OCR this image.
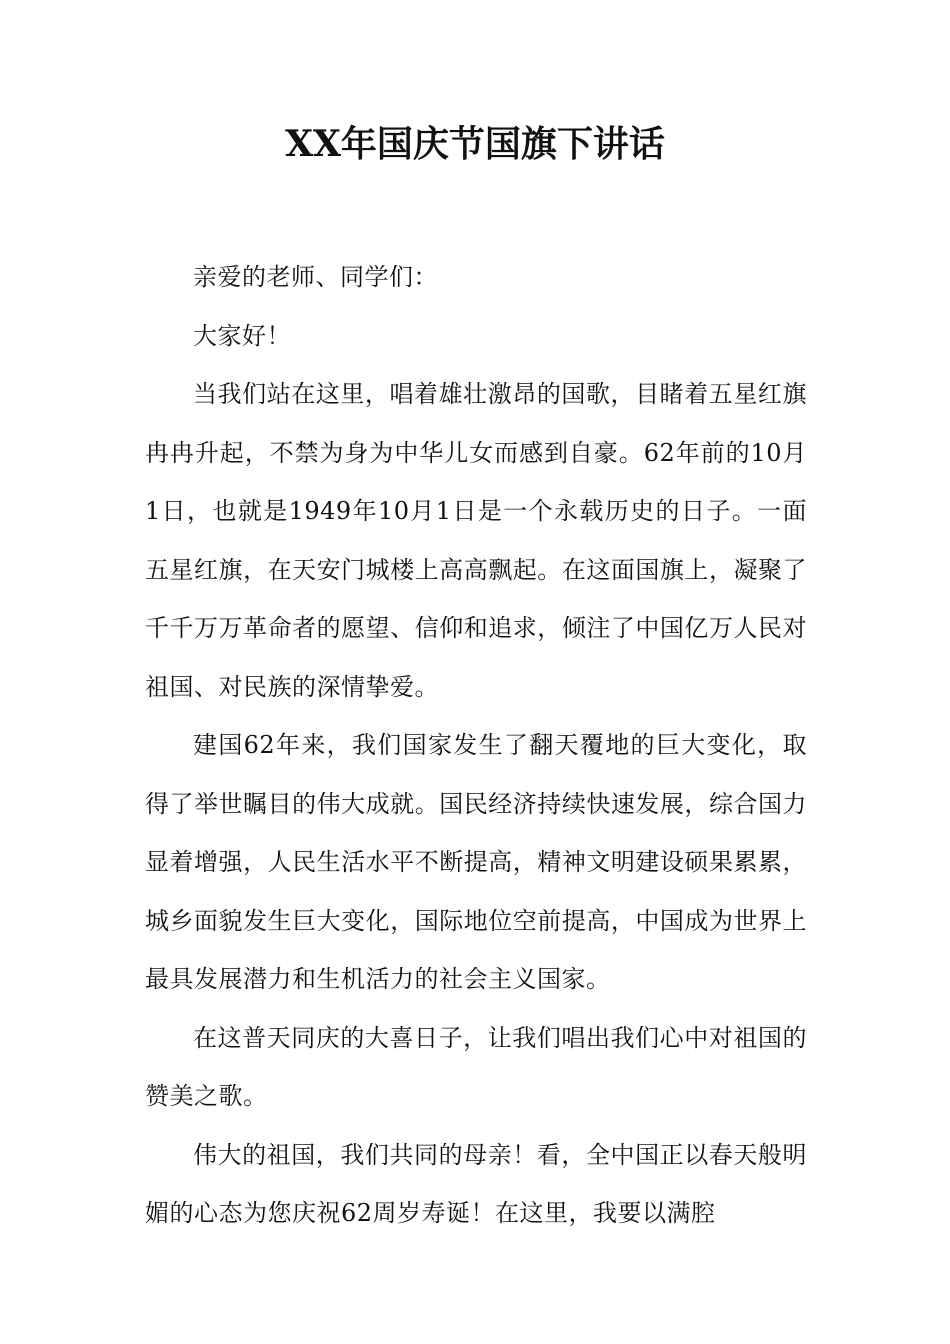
XX年国庆节国旗下讲话

亲爱的老师、同学们：

大家好！

当我们站在这里，唱着雄壮激昂的国歌，目睹着五星红旗冉冉升起，不禁为身为中华儿女而感到自豪。62年前的10月1日，也就是1949年10月1日是一个永载历史的日子。一面五星红旗，在天安门城楼上高高飘起。在这面国旗上，凝聚了千千万万革命者的愿望、信仰和追求，倾注了中国亿万人民对祖国、对民族的深情挚爱。

建国62年来，我们国家发生了翻天覆地的巨大变化，取得了举世瞩目的伟大成就。国民经济持续快速发展，综合国力显着增强，人民生活水平不断提高，精神文明建设硕果累累，城乡面貌发生巨大变化，国际地位空前提高，中国成为世界上最具发展潜力和生机活力的社会主义国家。

在这普天同庆的大喜日子，让我们唱出我们心中对祖国的赞美之歌。

伟大的祖国，我们共同的母亲！看，全中国正以春天般明媚的心态为您庆祝62周岁寿诞！在这里，我要以满腔
